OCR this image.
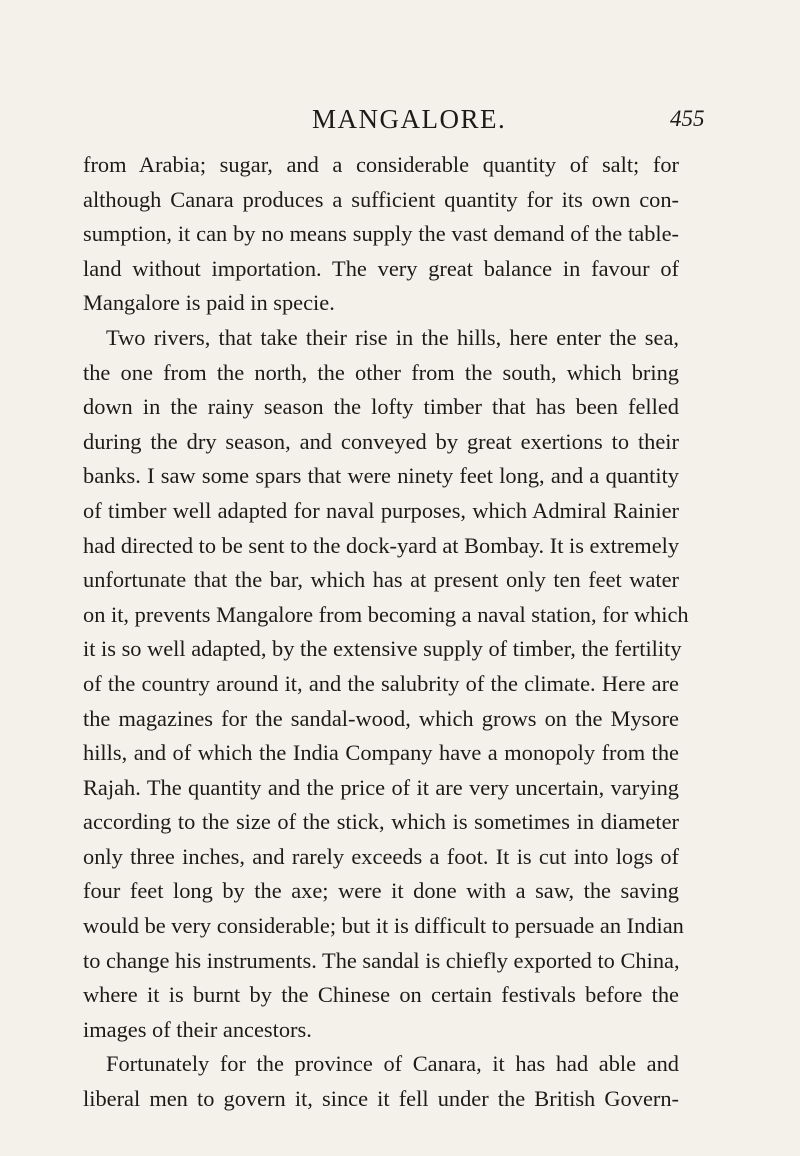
MANGALORE.	455
from Arabia; sugar, and a considerable quantity of salt; for
although Canara produces a sufficient quantity for its own con-
sumption, it can by no means supply the vast demand of the table-
land without importation. The very great balance in favour of
Mangalore is paid in specie.
Two rivers, that take their rise in the hills, here enter the sea,
the one from the north, the other from the south, which bring
down in the rainy season the lofty timber that has been felled
during the dry season, and conveyed by great exertions to their
banks. I saw some spars that were ninety feet long, and a quantity
of timber well adapted for naval purposes, which Admiral Rainier
had directed to be sent to the dock-yard at Bombay. It is extremely
unfortunate that the bar, which has at present only ten feet water
on it, prevents Mangalore from becoming a naval station, for which
it is so well adapted, by the extensive supply of timber, the fertility
of the country around it, and the salubrity of the climate. Here are
the magazines for the sandal-wood, which grows on the Mysore
hills, and of which the India Company have a monopoly from the
Rajah. The quantity and the price of it are very uncertain, varying
according to the size of the stick, which is sometimes in diameter
only three inches, and rarely exceeds a foot. It is cut into logs of
four feet long by the axe; were it done with a saw, the saving
would be very considerable; but it is difficult to persuade an Indian
to change his instruments. The sandal is chiefly exported to China,
where it is burnt by the Chinese on certain festivals before the
images of their ancestors.
Fortunately for the province of Canara, it has had able and
liberal men to govern it, since it fell under the British Govern-
